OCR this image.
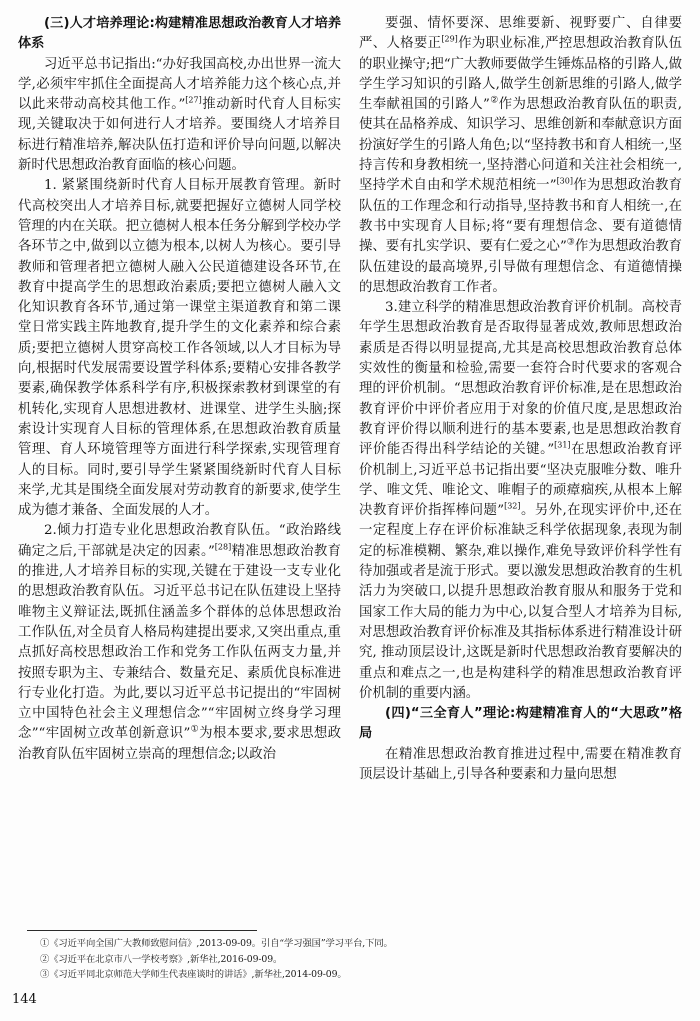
(三)人才培养理论:构建精准思想政治教育人才培养体系

习近平总书记指出:“办好我国高校,办出世界一流大学,必须牢牢抓住全面提高人才培养能力这个核心点,并以此来带动高校其他工作。”[27]推动新时代育人目标实现,关键取决于如何进行人才培养。要围绕人才培养目标进行精准培养,解决队伍打造和评价导向问题,以解决新时代思想政治教育面临的核心问题。

1. 紧紧围绕新时代育人目标开展教育管理。新时代高校突出人才培养目标,就要把握好立德树人同学校管理的内在关联。把立德树人根本任务分解到学校办学各环节之中,做到以立德为根本,以树人为核心。要引导教师和管理者把立德树人融入公民道德建设各环节,在教育中提高学生的思想政治素质;要把立德树人融入文化知识教育各环节,通过第一课堂主渠道教育和第二课堂日常实践主阵地教育,提升学生的文化素养和综合素质;要把立德树人贯穿高校工作各领域,以人才目标为导向,根据时代发展需要设置学科体系;要精心安排各教学要素,确保教学体系科学有序,积极探索教材到课堂的有机转化,实现育人思想进教材、进课堂、进学生头脑;探索设计实现育人目标的管理体系,在思想政治教育质量管理、育人环境管理等方面进行科学探索,实现管理育人的目标。同时,要引导学生紧紧围绕新时代育人目标来学,尤其是围绕全面发展对劳动教育的新要求,使学生成为德才兼备、全面发展的人才。

2.倾力打造专业化思想政治教育队伍。“政治路线确定之后,干部就是决定的因素。”[28]精准思想政治教育的推进,人才培养目标的实现,关键在于建设一支专业化的思想政治教育队伍。习近平总书记在队伍建设上坚持唯物主义辩证法,既抓住涵盖多个群体的总体思想政治工作队伍,对全员育人格局构建提出要求,又突出重点,重点抓好高校思想政治工作和党务工作队伍两支力量,并按照专职为主、专兼结合、数量充足、素质优良标准进行专业化打造。为此,要以习近平总书记提出的“牢固树立中国特色社会主义理想信念”“牢固树立终身学习理念”“牢固树立改革创新意识”①为根本要求,要求思想政治教育队伍牢固树立崇高的理想信念;以政治

要强、情怀要深、思维要新、视野要广、自律要严、人格要正[29]作为职业标准,严控思想政治教育队伍的职业操守;把“广大教师要做学生锤炼品格的引路人,做学生学习知识的引路人,做学生创新思维的引路人,做学生奉献祖国的引路人”②作为思想政治教育队伍的职责,使其在品格养成、知识学习、思维创新和奉献意识方面扮演好学生的引路人角色;以“坚持教书和育人相统一,坚持言传和身教相统一,坚持潜心问道和关注社会相统一,坚持学术自由和学术规范相统一”[30]作为思想政治教育队伍的工作理念和行动指导,坚持教书和育人相统一,在教书中实现育人目标;将“要有理想信念、要有道德情操、要有扎实学识、要有仁爱之心”③作为思想政治教育队伍建设的最高境界,引导做有理想信念、有道德情操的思想政治教育工作者。

3.建立科学的精准思想政治教育评价机制。高校青年学生思想政治教育是否取得显著成效,教师思想政治素质是否得以明显提高,尤其是高校思想政治教育总体实效性的衡量和检验,需要一套符合时代要求的客观合理的评价机制。“思想政治教育评价标准,是在思想政治教育评价中评价者应用于对象的价值尺度,是思想政治教育评价得以顺利进行的基本要素,也是思想政治教育评价能否得出科学结论的关键。”[31]在思想政治教育评价机制上,习近平总书记指出要“坚决克服唯分数、唯升学、唯文凭、唯论文、唯帽子的顽瘴痼疾,从根本上解决教育评价指挥棒问题”[32]。另外,在现实评价中,还在一定程度上存在评价标准缺乏科学依据现象,表现为制定的标准模糊、繁杂,难以操作,难免导致评价科学性有待加强或者是流于形式。要以激发思想政治教育的生机活力为突破口,以提升思想政治教育服从和服务于党和国家工作大局的能力为中心,以复合型人才培养为目标,对思想政治教育评价标准及其指标体系进行精准设计研究, 推动顶层设计,这既是新时代思想政治教育要解决的重点和难点之一,也是构建科学的精准思想政治教育评价机制的重要内涵。

(四)“三全育人”理论:构建精准育人的“大思政”格局

在精准思想政治教育推进过程中,需要在精准教育顶层设计基础上,引导各种要素和力量向思想

①《习近平向全国广大教师致慰问信》,2013-09-09。引自“学习强国”学习平台,下同。
②《习近平在北京市八一学校考察》,新华社,2016-09-09。
③《习近平同北京师范大学师生代表座谈时的讲话》,新华社,2014-09-09。
144
